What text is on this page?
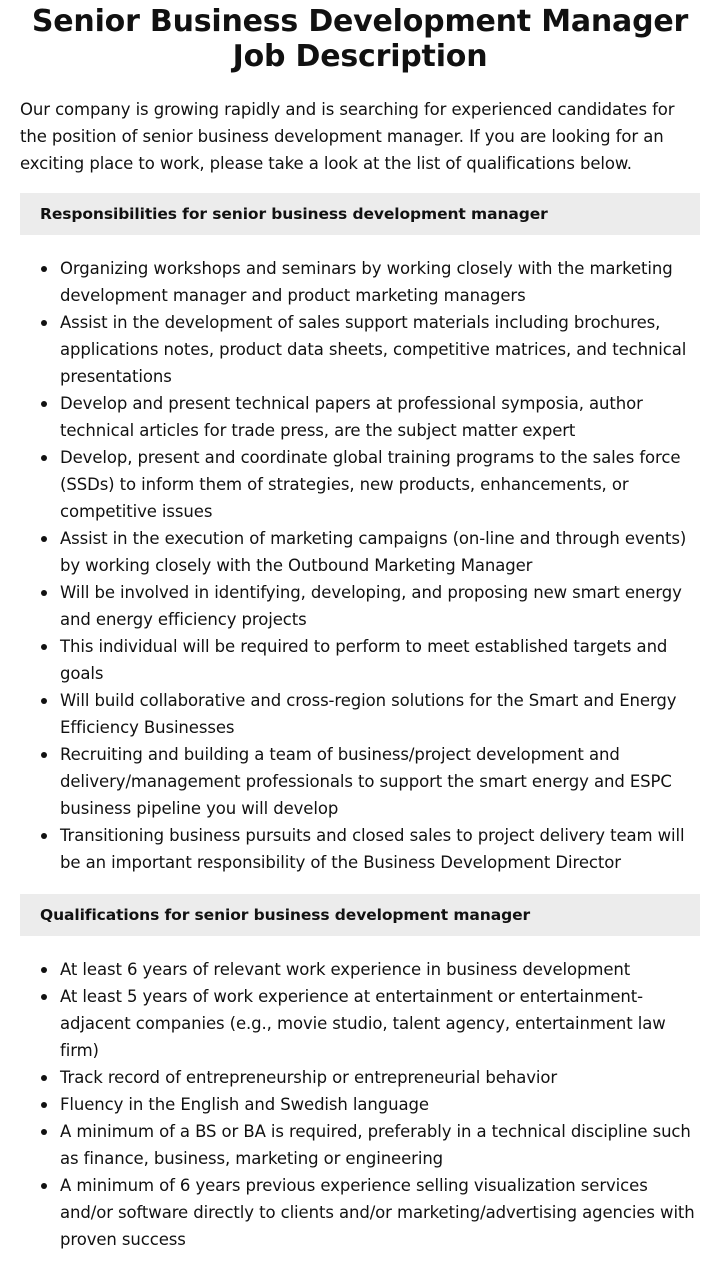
Senior Business Development Manager Job Description

Our company is growing rapidly and is searching for experienced candidates for the position of senior business development manager. If you are looking for an exciting place to work, please take a look at the list of qualifications below.

Responsibilities for senior business development manager
Organizing workshops and seminars by working closely with the marketing development manager and product marketing managers
Assist in the development of sales support materials including brochures, applications notes, product data sheets, competitive matrices, and technical presentations
Develop and present technical papers at professional symposia, author technical articles for trade press, are the subject matter expert
Develop, present and coordinate global training programs to the sales force (SSDs) to inform them of strategies, new products, enhancements, or competitive issues
Assist in the execution of marketing campaigns (on-line and through events) by working closely with the Outbound Marketing Manager
Will be involved in identifying, developing, and proposing new smart energy and energy efficiency projects
This individual will be required to perform to meet established targets and goals
Will build collaborative and cross-region solutions for the Smart and Energy Efficiency Businesses
Recruiting and building a team of business/project development and delivery/management professionals to support the smart energy and ESPC business pipeline you will develop
Transitioning business pursuits and closed sales to project delivery team will be an important responsibility of the Business Development Director
Qualifications for senior business development manager
At least 6 years of relevant work experience in business development
At least 5 years of work experience at entertainment or entertainment-adjacent companies (e.g., movie studio, talent agency, entertainment law firm)
Track record of entrepreneurship or entrepreneurial behavior
Fluency in the English and Swedish language
A minimum of a BS or BA is required, preferably in a technical discipline such as finance, business, marketing or engineering
A minimum of 6 years previous experience selling visualization services and/or software directly to clients and/or marketing/advertising agencies with proven success
